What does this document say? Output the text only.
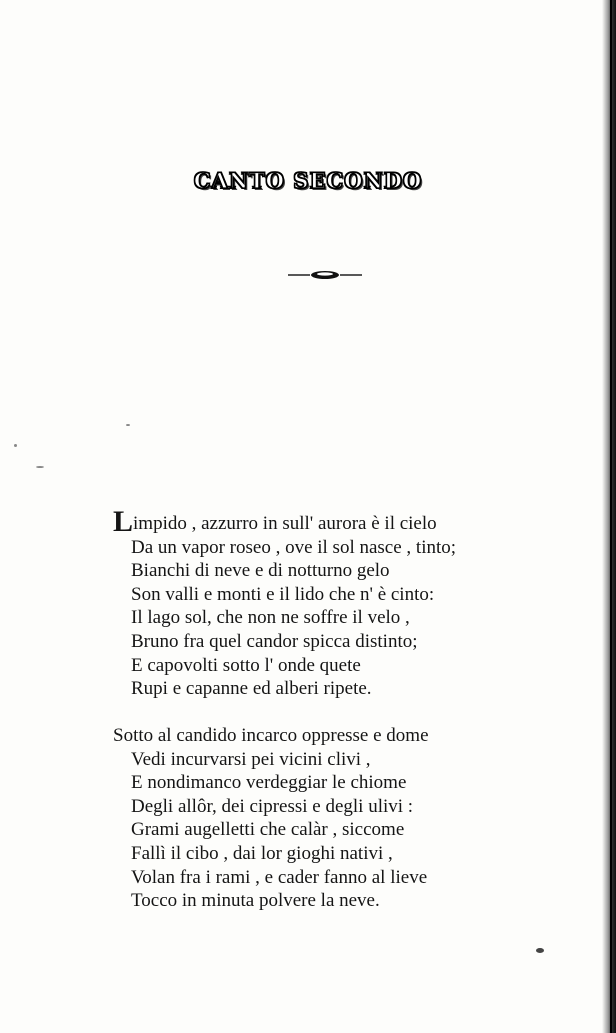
CANTO SECONDO
Limpido , azzurro in sull' aurora è il cielo
Da un vapor roseo , ove il sol nasce , tinto;
Bianchi di neve e di notturno gelo
Son valli e monti e il lido che n' è cinto:
Il lago sol, che non ne soffre il velo ,
Bruno fra quel candor spicca distinto;
E capovolti sotto l' onde quete
Rupi e capanne ed alberi ripete.
Sotto al candido incarco oppresse e dome
Vedi incurvarsi pei vicini clivi ,
E nondimanco verdeggiar le chiome
Degli allôr, dei cipressi e degli ulivi :
Grami augelletti che calàr , siccome
Fallì il cibo , dai lor gioghi nativi ,
Volan fra i rami , e cader fanno al lieve
Tocco in minuta polvere la neve.
